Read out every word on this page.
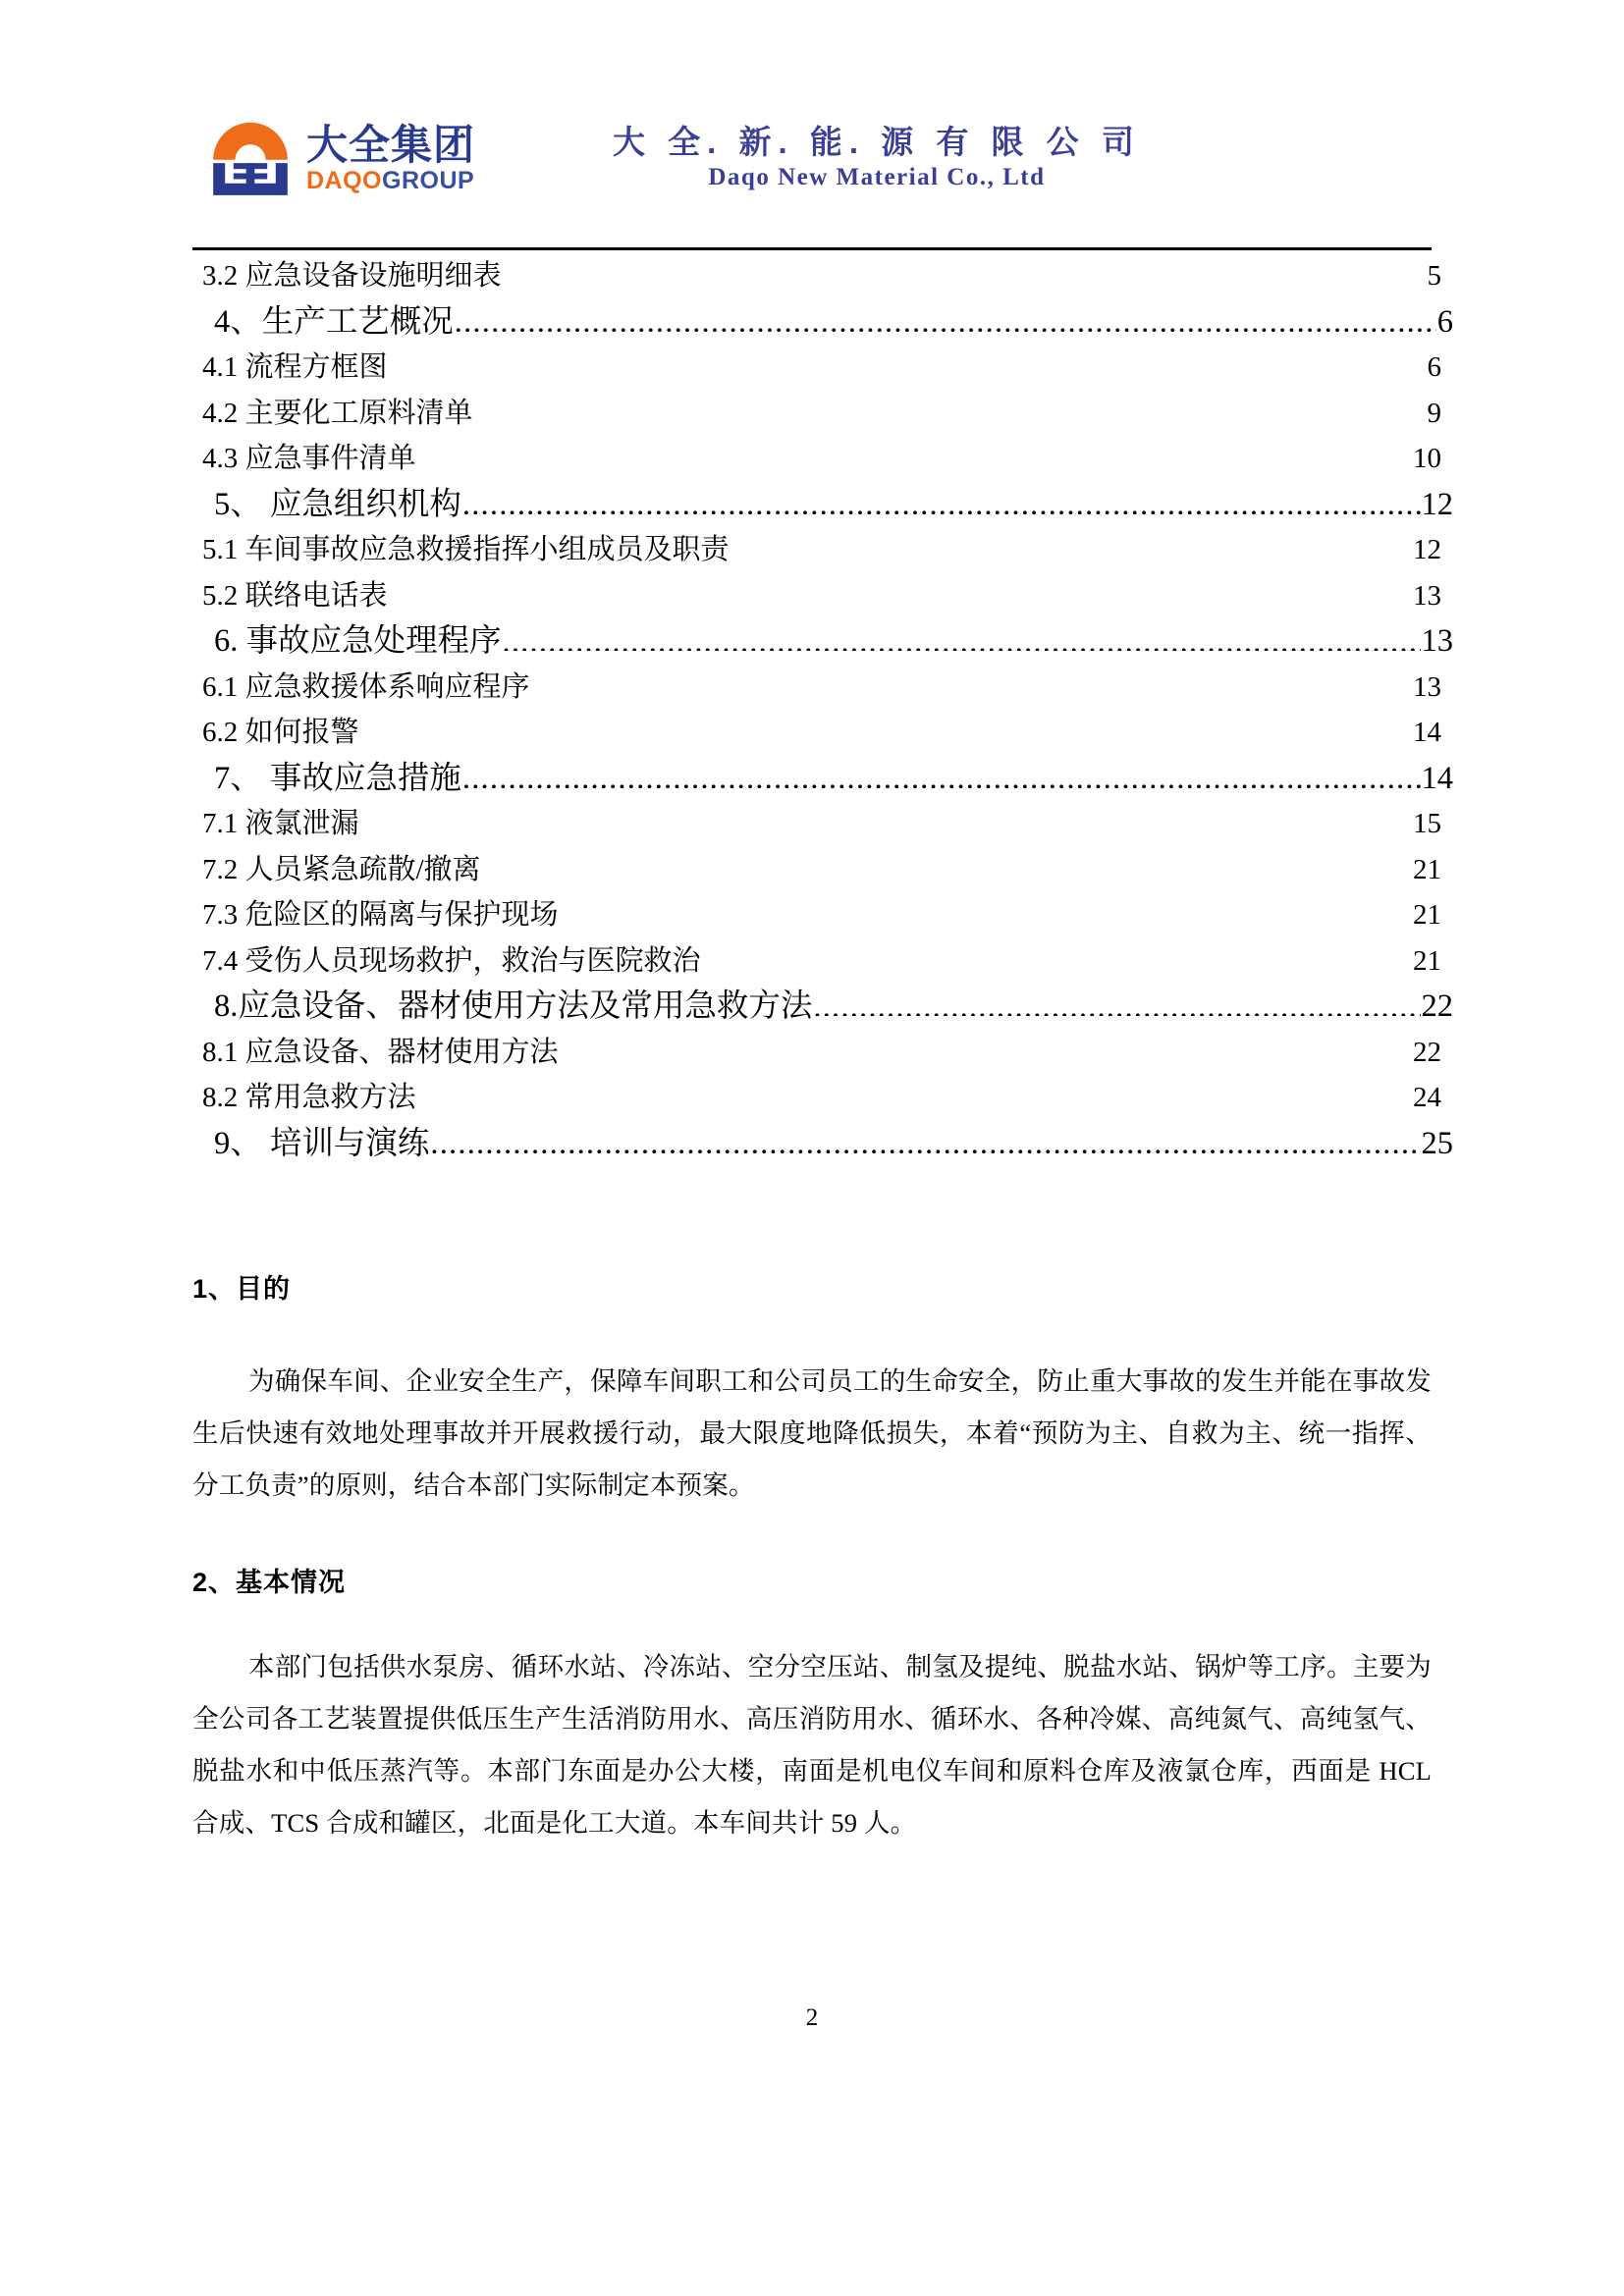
大全集团
DAQOGROUP
大 全. 新. 能. 源 有 限 公 司
Daqo New Material Co., Ltd
3.2 应急设备设施明细表 .....	5
4、生产工艺概况 .....	6
4.1 流程方框图 .....	6
4.2 主要化工原料清单 .....	9
4.3 应急事件清单 .....	10
5、 应急组织机构 .....	12
5.1 车间事故应急救援指挥小组成员及职责 .....	12
5.2 联络电话表 .....	13
6. 事故应急处理程序 .....	13
6.1 应急救援体系响应程序 .....	13
6.2 如何报警 .....	14
7、 事故应急措施 .....	14
7.1 液氯泄漏 .....	15
7.2 人员紧急疏散/撤离 .....	21
7.3 危险区的隔离与保护现场 .....	21
7.4 受伤人员现场救护，救治与医院救治 .....	21
8.应急设备、器材使用方法及常用急救方法 .....	22
8.1 应急设备、器材使用方法 .....	22
8.2 常用急救方法 .....	24
9、 培训与演练 .....	25
1、目的
为确保车间、企业安全生产，保障车间职工和公司员工的生命安全，防止重大事故的发生并能在事故发生后快速有效地处理事故并开展救援行动，最大限度地降低损失，本着“预防为主、自救为主、统一指挥、分工负责”的原则，结合本部门实际制定本预案。
2、基本情况
本部门包括供水泵房、循环水站、冷冻站、空分空压站、制氢及提纯、脱盐水站、锅炉等工序。主要为全公司各工艺装置提供低压生产生活消防用水、高压消防用水、循环水、各种冷媒、高纯氮气、高纯氢气、脱盐水和中低压蒸汽等。本部门东面是办公大楼，南面是机电仪车间和原料仓库及液氯仓库，西面是 HCL 合成、TCS 合成和罐区，北面是化工大道。本车间共计 59 人。
2
